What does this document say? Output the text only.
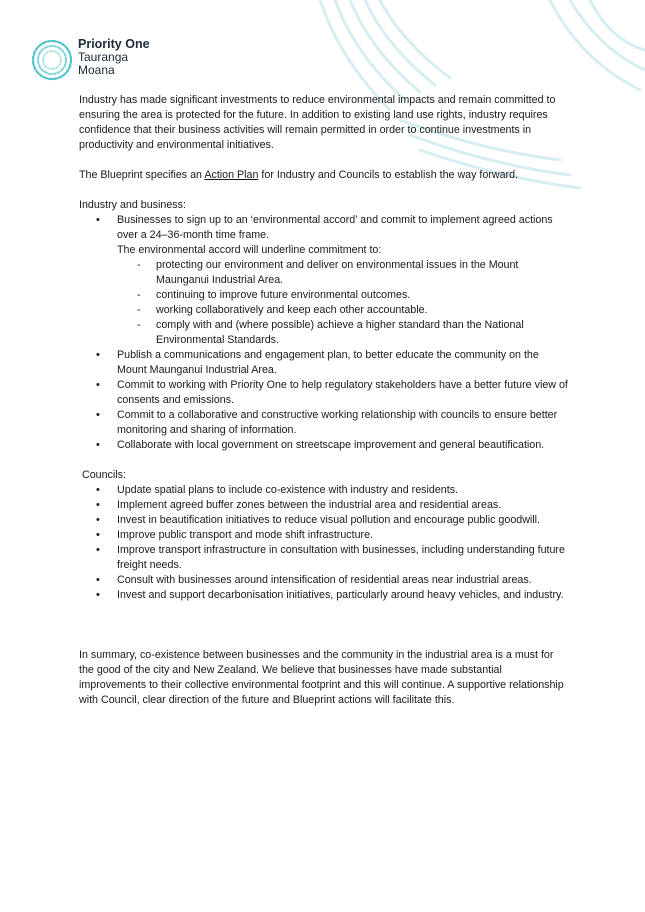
Priority One
Tauranga
Moana

Industry has made significant investments to reduce environmental impacts and remain committed to ensuring the area is protected for the future. In addition to existing land use rights, industry requires confidence that their business activities will remain permitted in order to continue investments in productivity and environmental initiatives.

The Blueprint specifies an Action Plan for Industry and Councils to establish the way forward.

Industry and business:

• Businesses to sign up to an ‘environmental accord’ and commit to implement agreed actions over a 24–36-month time frame.
The environmental accord will underline commitment to:
- protecting our environment and deliver on environmental issues in the Mount Maunganui Industrial Area.
- continuing to improve future environmental outcomes.
- working collaboratively and keep each other accountable.
- comply with and (where possible) achieve a higher standard than the National Environmental Standards.
• Publish a communications and engagement plan, to better educate the community on the Mount Maunganui Industrial Area.
• Commit to working with Priority One to help regulatory stakeholders have a better future view of consents and emissions.
• Commit to a collaborative and constructive working relationship with councils to ensure better monitoring and sharing of information.
• Collaborate with local government on streetscape improvement and general beautification.

Councils:

• Update spatial plans to include co-existence with industry and residents.
• Implement agreed buffer zones between the industrial area and residential areas.
• Invest in beautification initiatives to reduce visual pollution and encourage public goodwill.
• Improve public transport and mode shift infrastructure.
• Improve transport infrastructure in consultation with businesses, including understanding future freight needs.
• Consult with businesses around intensification of residential areas near industrial areas.
• Invest and support decarbonisation initiatives, particularly around heavy vehicles, and industry.

In summary, co-existence between businesses and the community in the industrial area is a must for the good of the city and New Zealand. We believe that businesses have made substantial improvements to their collective environmental footprint and this will continue. A supportive relationship with Council, clear direction of the future and Blueprint actions will facilitate this.
